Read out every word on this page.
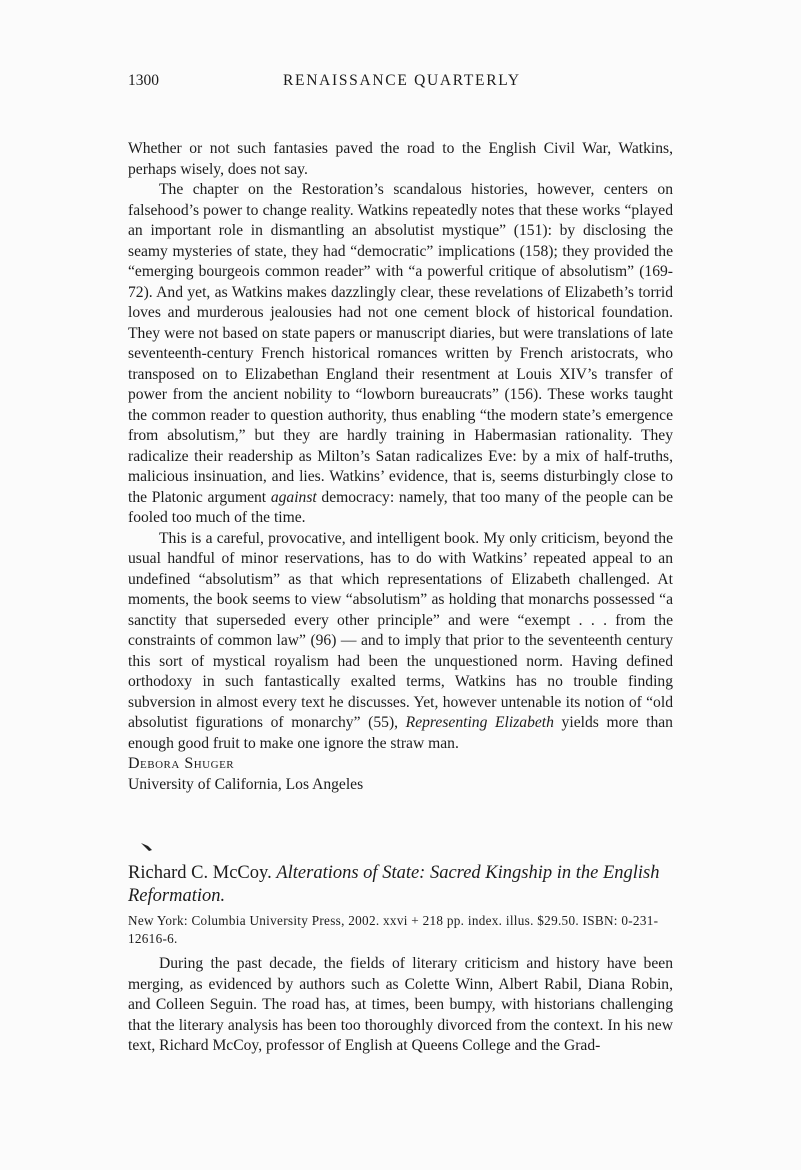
1300	RENAISSANCE QUARTERLY

Whether or not such fantasies paved the road to the English Civil War, Watkins, perhaps wisely, does not say.

The chapter on the Restoration’s scandalous histories, however, centers on falsehood’s power to change reality. Watkins repeatedly notes that these works “played an important role in dismantling an absolutist mystique” (151): by disclosing the seamy mysteries of state, they had “democratic” implications (158); they provided the “emerging bourgeois common reader” with “a powerful critique of absolutism” (169-72). And yet, as Watkins makes dazzlingly clear, these revelations of Elizabeth’s torrid loves and murderous jealousies had not one cement block of historical foundation. They were not based on state papers or manuscript diaries, but were translations of late seventeenth-century French historical romances written by French aristocrats, who transposed on to Elizabethan England their resentment at Louis XIV’s transfer of power from the ancient nobility to “lowborn bureaucrats” (156). These works taught the common reader to question authority, thus enabling “the modern state’s emergence from absolutism,” but they are hardly training in Habermasian rationality. They radicalize their readership as Milton’s Satan radicalizes Eve: by a mix of half-truths, malicious insinuation, and lies. Watkins’ evidence, that is, seems disturbingly close to the Platonic argument against democracy: namely, that too many of the people can be fooled too much of the time.

This is a careful, provocative, and intelligent book. My only criticism, beyond the usual handful of minor reservations, has to do with Watkins’ repeated appeal to an undefined “absolutism” as that which representations of Elizabeth challenged. At moments, the book seems to view “absolutism” as holding that monarchs possessed “a sanctity that superseded every other principle” and were “exempt . . . from the constraints of common law” (96) — and to imply that prior to the seventeenth century this sort of mystical royalism had been the unquestioned norm. Having defined orthodoxy in such fantastically exalted terms, Watkins has no trouble finding subversion in almost every text he discusses. Yet, however untenable its notion of “old absolutist figurations of monarchy” (55), Representing Elizabeth yields more than enough good fruit to make one ignore the straw man.

Debora Shuger

University of California, Los Angeles

Richard C. McCoy. Alterations of State: Sacred Kingship in the English Reformation.
New York: Columbia University Press, 2002. xxvi + 218 pp. index. illus. $29.50. ISBN: 0-231-12616-6.

During the past decade, the fields of literary criticism and history have been merging, as evidenced by authors such as Colette Winn, Albert Rabil, Diana Robin, and Colleen Seguin. The road has, at times, been bumpy, with historians challenging that the literary analysis has been too thoroughly divorced from the context. In his new text, Richard McCoy, professor of English at Queens College and the Grad-
